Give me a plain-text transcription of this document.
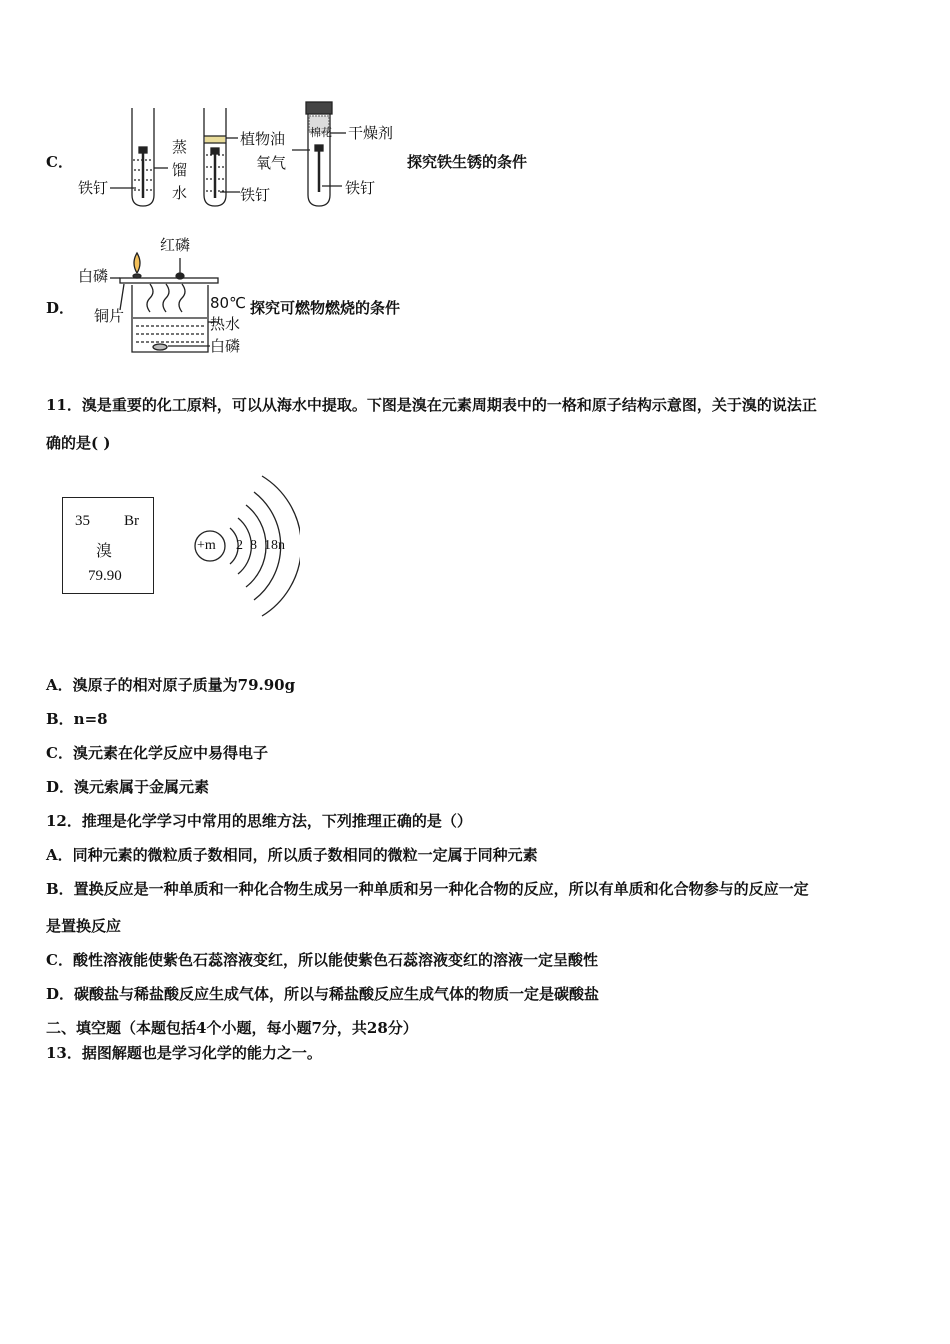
C．
铁钉
蒸
馏
水
植物油
铁钉
棉花 干燥剂
氧气
铁钉
探究铁生锈的条件
D．
红磷
白磷
铜片
80℃
热水
白磷
探究可燃物燃烧的条件
11．溴是重要的化工原料，可以从海水中提取。下图是溴在元素周期表中的一格和原子结构示意图，关于溴的说法正
确的是( )
35 Br
溴
79.90
+m 2  8  18n
A．溴原子的相对原子质量为79.90g
B．n=8
C．溴元素在化学反应中易得电子
D．溴元索属于金属元素
12．推理是化学学习中常用的思维方法，下列推理正确的是（）
A．同种元素的微粒质子数相同，所以质子数相同的微粒一定属于同种元素
B．置换反应是一种单质和一种化合物生成另一种单质和另一种化合物的反应，所以有单质和化合物参与的反应一定
是置换反应
C．酸性溶液能使紫色石蕊溶液变红，所以能使紫色石蕊溶液变红的溶液一定呈酸性
D．碳酸盐与稀盐酸反应生成气体，所以与稀盐酸反应生成气体的物质一定是碳酸盐
二、填空题（本题包括4个小题，每小题7分，共28分）
13．据图解题也是学习化学的能力之一。
